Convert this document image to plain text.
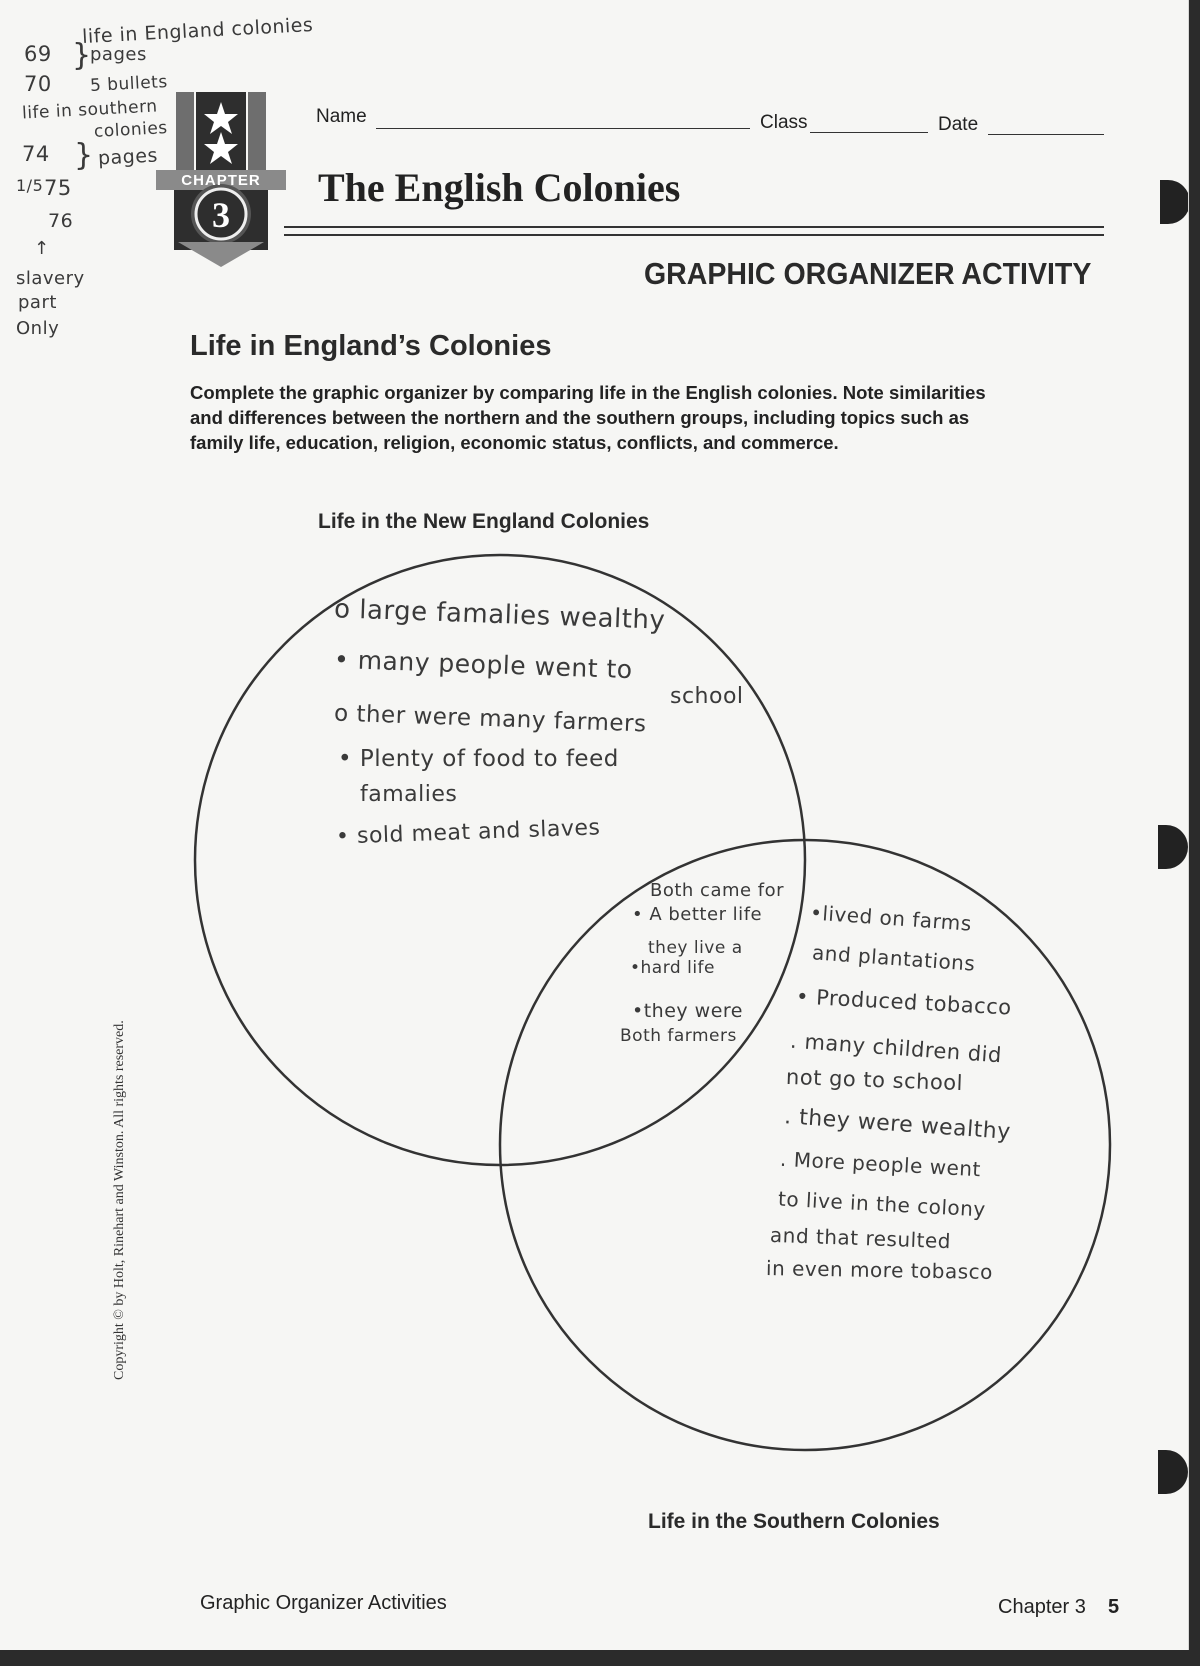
life in England colonies
69 }
pages
70 5 bullets
life in southern
colonies
74 } pages
1/5 75
76
↑
slavery
part
Only
CHAPTER
3
Name	Class	Date
The English Colonies
GRAPHIC ORGANIZER ACTIVITY
Life in England’s Colonies
Complete the graphic organizer by comparing life in the English colonies. Note similarities
and differences between the northern and the southern groups, including topics such as
family life, education, religion, economic status, conflicts, and commerce.
Copyright © by Holt, Rinehart and Winston. All rights reserved.
Life in the New England Colonies
Life in the Southern Colonies
o large famalies wealthy
• many people went to
school
o ther were many farmers
• Plenty of food to feed
famalies
• sold meat and slaves
Both came for
• A better life
they live a
•hard life
•they were
Both farmers
•lived on farms
and plantations
• Produced tobacco
. many children did
not go to school
. they were wealthy
. More people went
to live in the colony
and that resulted
in even more tobasco
Graphic Organizer Activities	Chapter 3 5
